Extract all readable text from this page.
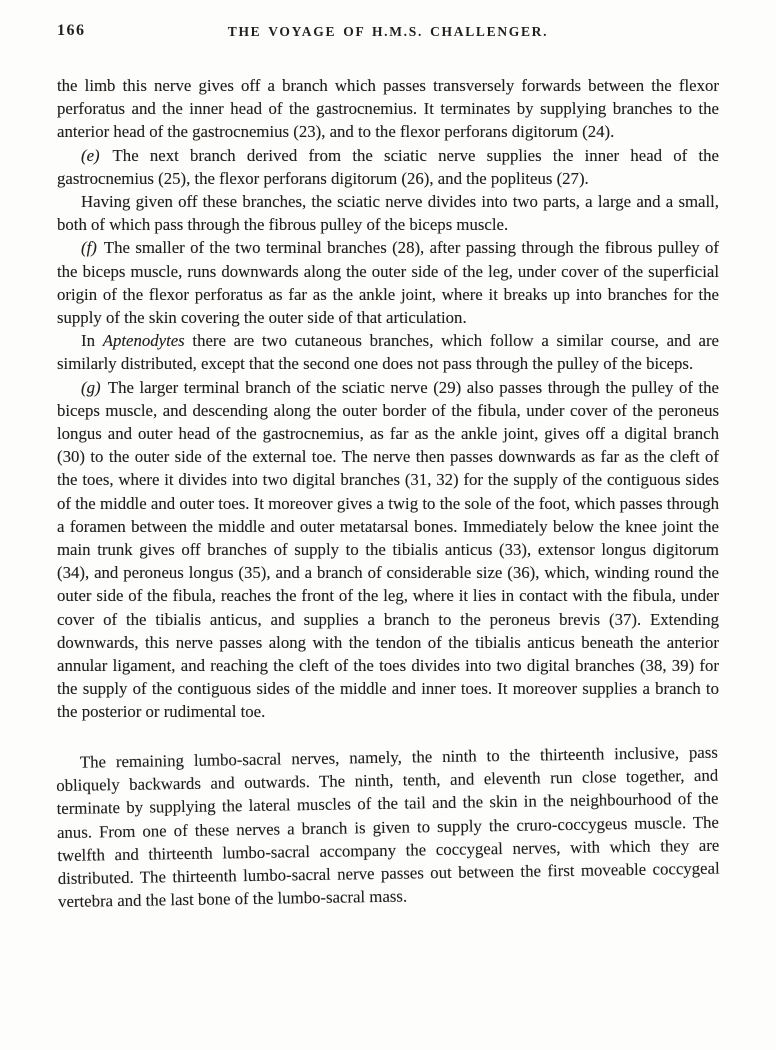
166	THE VOYAGE OF H.M.S. CHALLENGER.

the limb this nerve gives off a branch which passes transversely forwards between the flexor perforatus and the inner head of the gastrocnemius. It terminates by supplying branches to the anterior head of the gastrocnemius (23), and to the flexor perforans digitorum (24).

(e) The next branch derived from the sciatic nerve supplies the inner head of the gastrocnemius (25), the flexor perforans digitorum (26), and the popliteus (27).

Having given off these branches, the sciatic nerve divides into two parts, a large and a small, both of which pass through the fibrous pulley of the biceps muscle.

(f) The smaller of the two terminal branches (28), after passing through the fibrous pulley of the biceps muscle, runs downwards along the outer side of the leg, under cover of the superficial origin of the flexor perforatus as far as the ankle joint, where it breaks up into branches for the supply of the skin covering the outer side of that articulation.

In Aptenodytes there are two cutaneous branches, which follow a similar course, and are similarly distributed, except that the second one does not pass through the pulley of the biceps.

(g) The larger terminal branch of the sciatic nerve (29) also passes through the pulley of the biceps muscle, and descending along the outer border of the fibula, under cover of the peroneus longus and outer head of the gastrocnemius, as far as the ankle joint, gives off a digital branch (30) to the outer side of the external toe. The nerve then passes downwards as far as the cleft of the toes, where it divides into two digital branches (31, 32) for the supply of the contiguous sides of the middle and outer toes. It moreover gives a twig to the sole of the foot, which passes through a foramen between the middle and outer metatarsal bones. Immediately below the knee joint the main trunk gives off branches of supply to the tibialis anticus (33), extensor longus digitorum (34), and peroneus longus (35), and a branch of considerable size (36), which, winding round the outer side of the fibula, reaches the front of the leg, where it lies in contact with the fibula, under cover of the tibialis anticus, and supplies a branch to the peroneus brevis (37). Extending downwards, this nerve passes along with the tendon of the tibialis anticus beneath the anterior annular ligament, and reaching the cleft of the toes divides into two digital branches (38, 39) for the supply of the contiguous sides of the middle and inner toes. It moreover supplies a branch to the posterior or rudimental toe.

The remaining lumbo-sacral nerves, namely, the ninth to the thirteenth inclusive, pass obliquely backwards and outwards. The ninth, tenth, and eleventh run close together, and terminate by supplying the lateral muscles of the tail and the skin in the neighbourhood of the anus. From one of these nerves a branch is given to supply the cruro-coccygeus muscle. The twelfth and thirteenth lumbo-sacral accompany the coccygeal nerves, with which they are distributed. The thirteenth lumbo-sacral nerve passes out between the first moveable coccygeal vertebra and the last bone of the lumbo-sacral mass.
